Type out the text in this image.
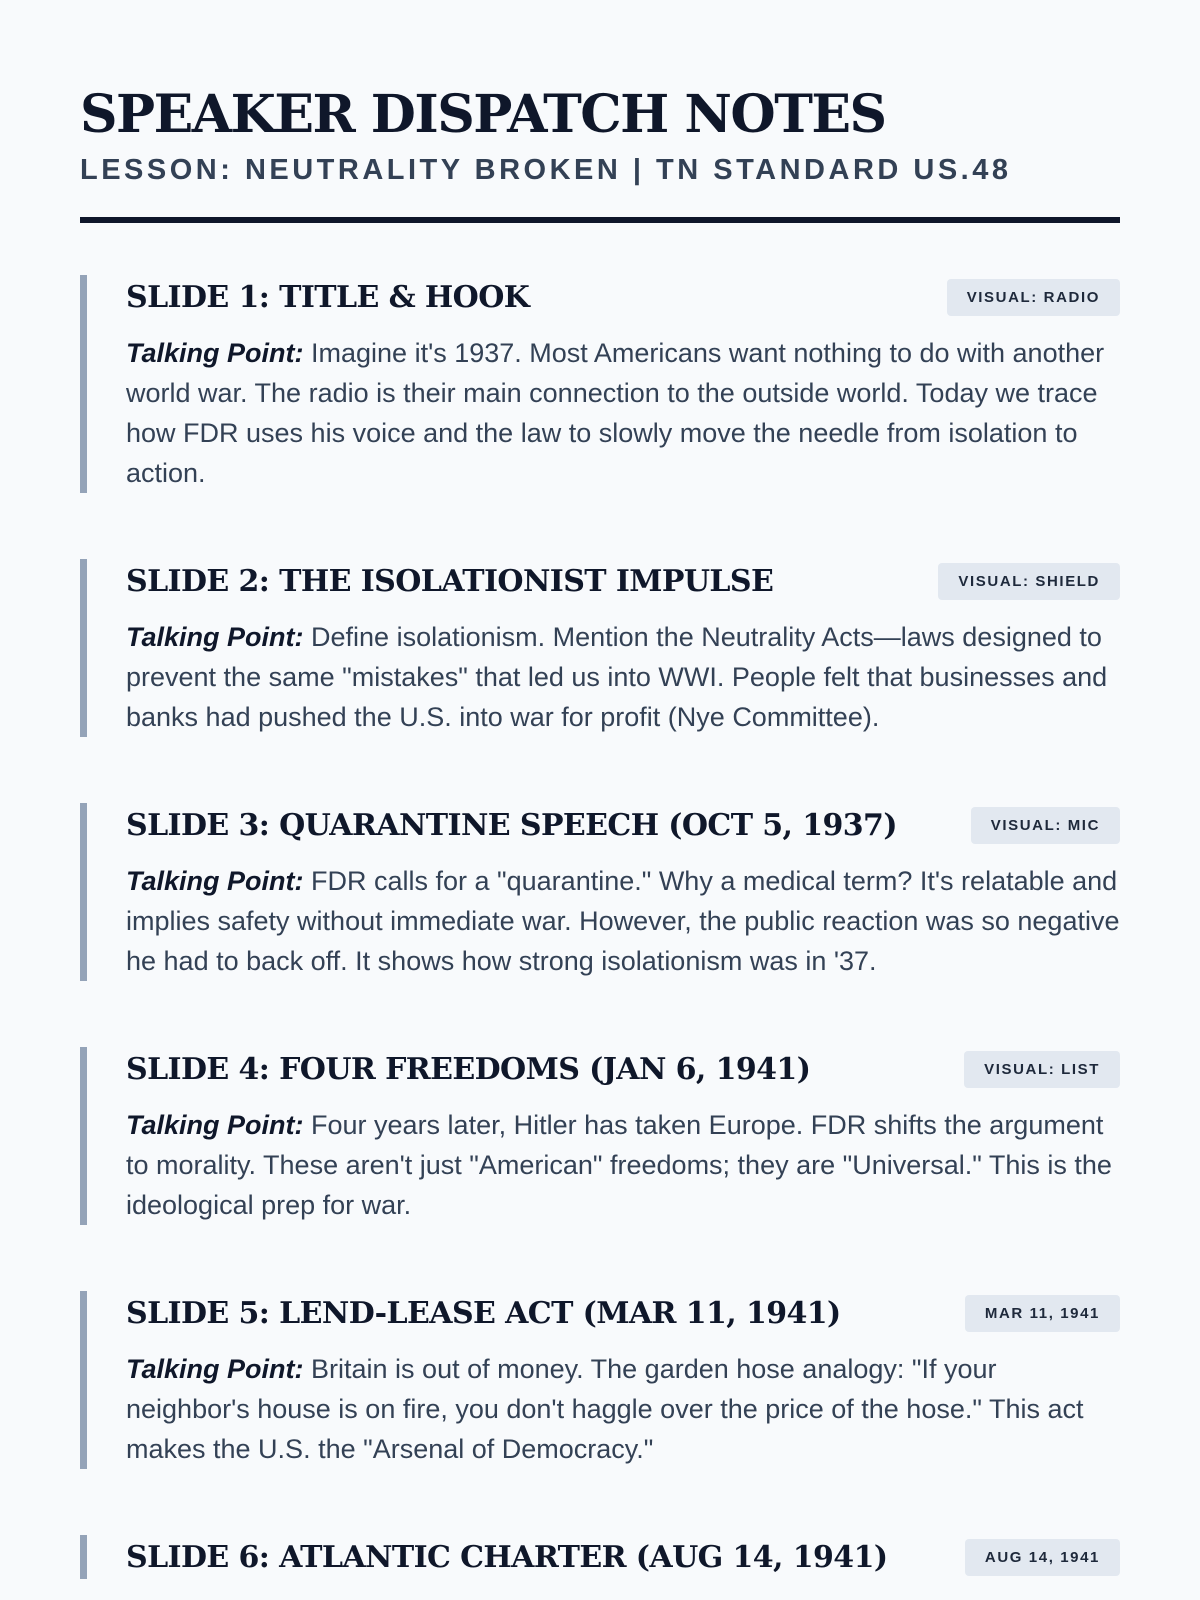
SPEAKER DISPATCH NOTES
LESSON: NEUTRALITY BROKEN | TN STANDARD US.48
SLIDE 1: TITLE & HOOK	VISUAL: RADIO
Talking Point: Imagine it's 1937. Most Americans want nothing to do with another world war. The radio is their main connection to the outside world. Today we trace how FDR uses his voice and the law to slowly move the needle from isolation to action.
SLIDE 2: THE ISOLATIONIST IMPULSE	VISUAL: SHIELD
Talking Point: Define isolationism. Mention the Neutrality Acts—laws designed to prevent the same "mistakes" that led us into WWI. People felt that businesses and banks had pushed the U.S. into war for profit (Nye Committee).
SLIDE 3: QUARANTINE SPEECH (OCT 5, 1937)	VISUAL: MIC
Talking Point: FDR calls for a "quarantine." Why a medical term? It's relatable and implies safety without immediate war. However, the public reaction was so negative he had to back off. It shows how strong isolationism was in '37.
SLIDE 4: FOUR FREEDOMS (JAN 6, 1941)	VISUAL: LIST
Talking Point: Four years later, Hitler has taken Europe. FDR shifts the argument to morality. These aren't just "American" freedoms; they are "Universal." This is the ideological prep for war.
SLIDE 5: LEND-LEASE ACT (MAR 11, 1941)	MAR 11, 1941
Talking Point: Britain is out of money. The garden hose analogy: "If your neighbor's house is on fire, you don't haggle over the price of the hose." This act makes the U.S. the "Arsenal of Democracy."
SLIDE 6: ATLANTIC CHARTER (AUG 14, 1941)	AUG 14, 1941
